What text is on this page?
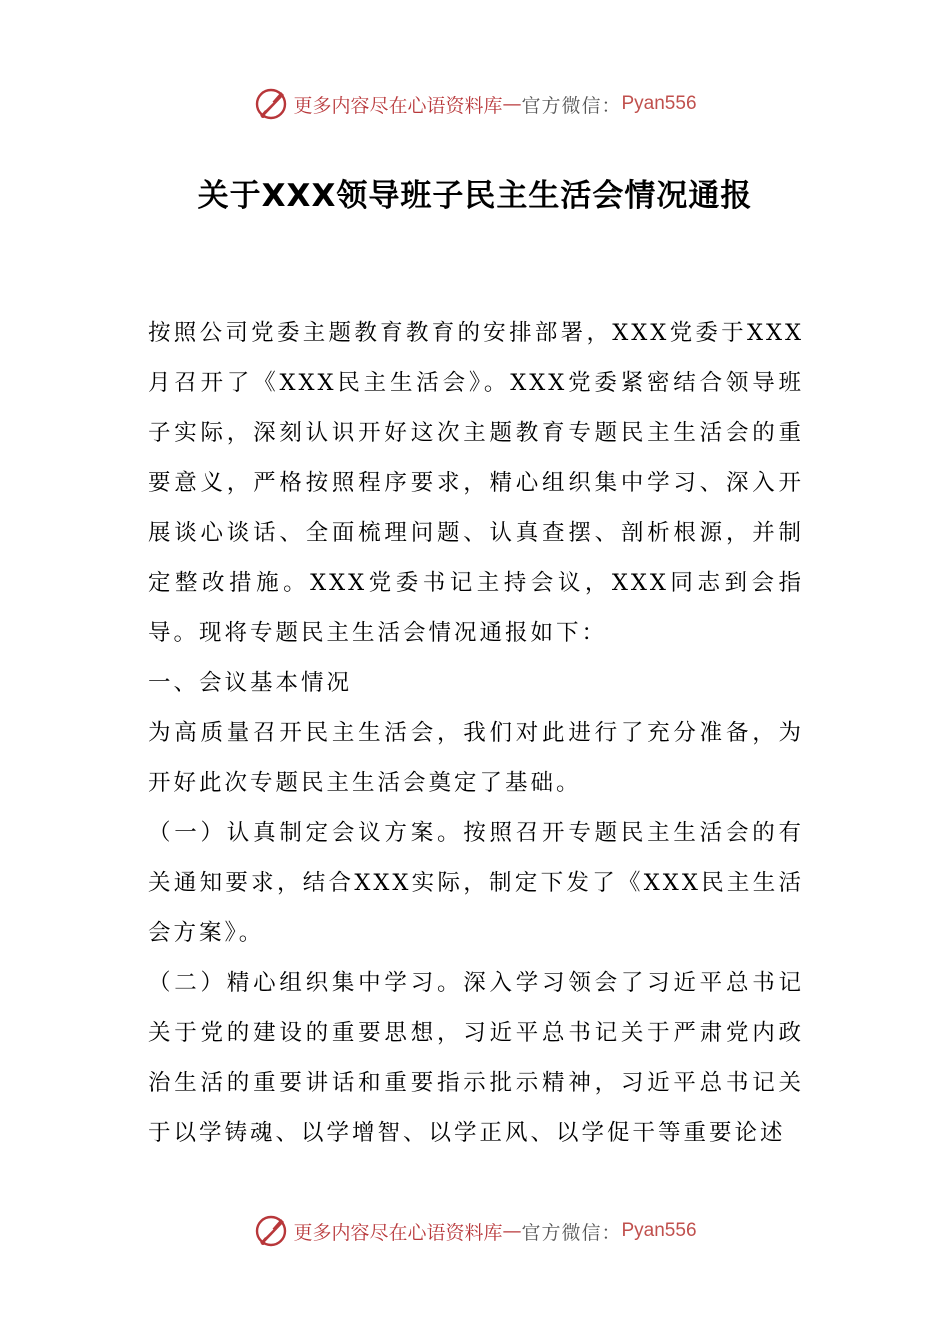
更多内容尽在心语资料库 — 官方微信： Pyan556
关于XXX领导班子民主生活会情况通报

按照公司党委主题教育教育的安排部署，XXX党委于XXX月召开了《XXX民主生活会》。XXX党委紧密结合领导班子实际，深刻认识开好这次主题教育专题民主生活会的重要意义，严格按照程序要求，精心组织集中学习、深入开展谈心谈话、全面梳理问题、认真查摆、剖析根源，并制定整改措施。XXX党委书记主持会议，XXX同志到会指导。现将专题民主生活会情况通报如下：

一、会议基本情况

为高质量召开民主生活会，我们对此进行了充分准备，为开好此次专题民主生活会奠定了基础。

（一）认真制定会议方案。按照召开专题民主生活会的有关通知要求，结合XXX实际，制定下发了《XXX民主生活会方案》。

（二）精心组织集中学习。深入学习领会了习近平总书记关于党的建设的重要思想，习近平总书记关于严肃党内政治生活的重要讲话和重要指示批示精神，习近平总书记关于以学铸魂、以学增智、以学正风、以学促干等重要论述

更多内容尽在心语资料库 — 官方微信： Pyan556
